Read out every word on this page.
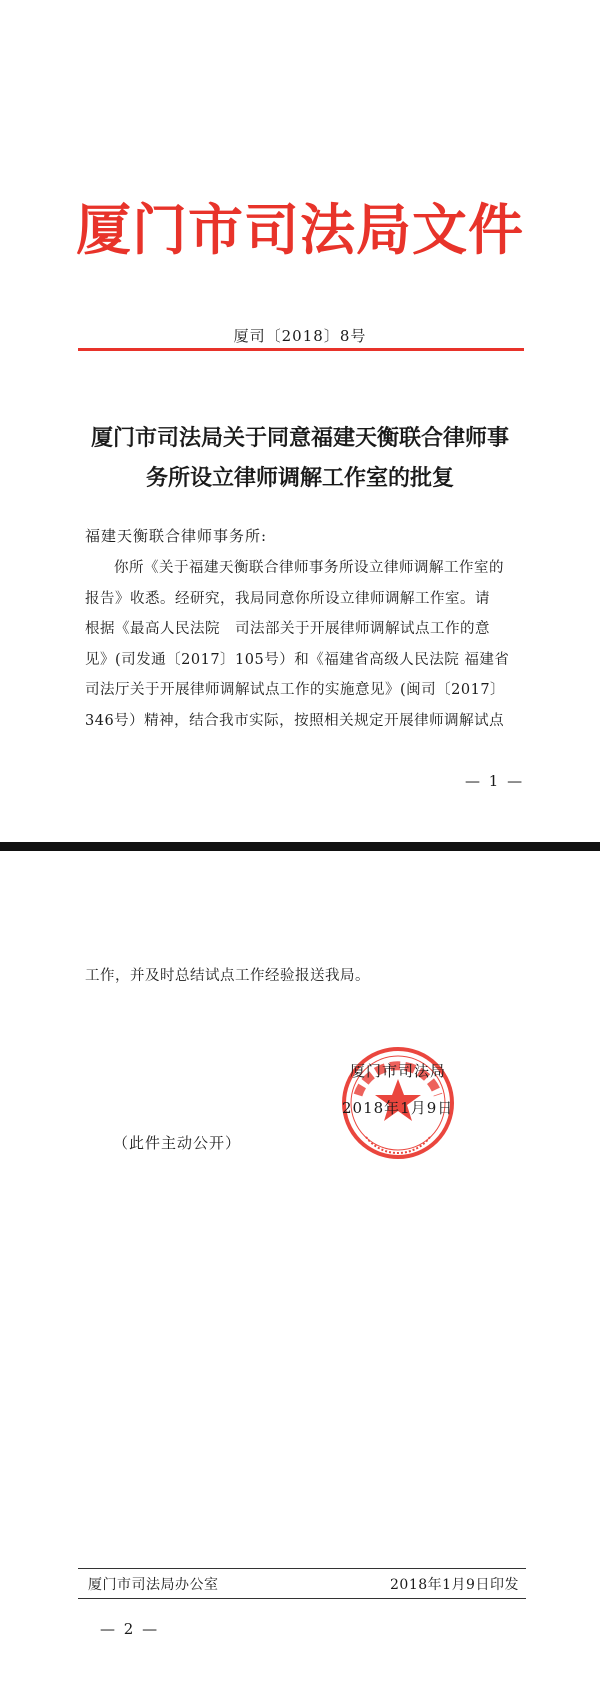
厦门市司法局文件
厦司〔2018〕8号
厦门市司法局关于同意福建天衡联合律师事
务所设立律师调解工作室的批复
福建天衡联合律师事务所:
你所《关于福建天衡联合律师事务所设立律师调解工作室的
报告》收悉。经研究，我局同意你所设立律师调解工作室。请
根据《最高人民法院　司法部关于开展律师调解试点工作的意
见》(司发通〔2017〕105号）和《福建省高级人民法院 福建省
司法厅关于开展律师调解试点工作的实施意见》(闽司〔2017〕
346号）精神，结合我市实际，按照相关规定开展律师调解试点
— 1 —
工作，并及时总结试点工作经验报送我局。
厦门市司法局
2018年1月9日
（此件主动公开）
厦门市司法局办公室	2018年1月9日印发
— 2 —
